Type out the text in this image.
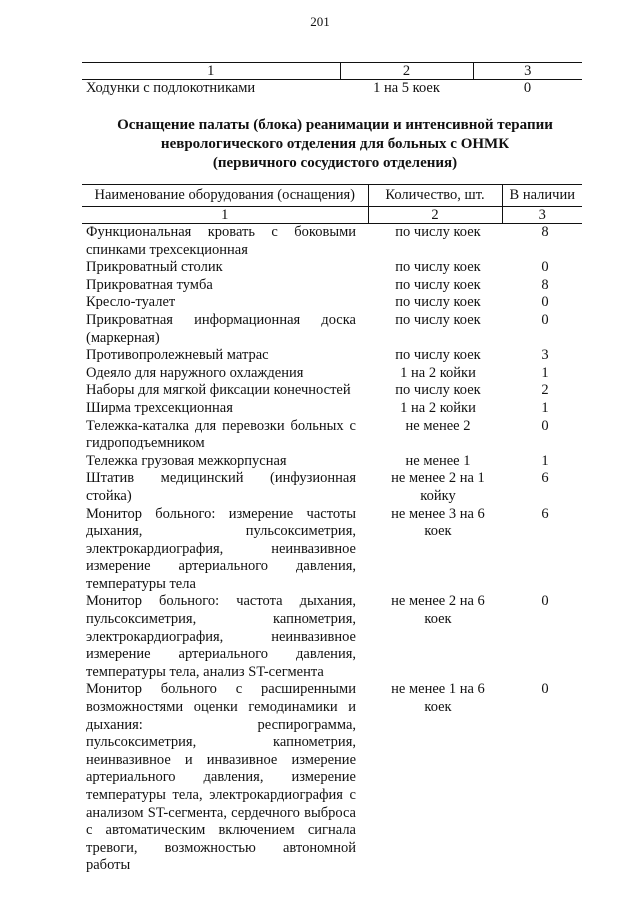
201
1	2	3
Ходунки с подлокотниками	1 на 5 коек	0
Оснащение палаты (блока) реанимации и интенсивной терапии
неврологического отделения для больных с ОНМК
(первичного сосудистого отделения)
Наименование оборудования (оснащения)	Количество, шт.	В наличии
1	2	3
Функциональная кровать с боковыми спинками трехсекционная	по числу коек	8
Прикроватный столик	по числу коек	0
Прикроватная тумба	по числу коек	8
Кресло-туалет	по числу коек	0
Прикроватная информационная доска (маркерная)	по числу коек	0
Противопролежневый матрас	по числу коек	3
Одеяло для наружного охлаждения	1 на 2 койки	1
Наборы для мягкой фиксации конечностей	по числу коек	2
Ширма трехсекционная	1 на 2 койки	1
Тележка-каталка для перевозки больных с гидроподъемником	не менее 2	0
Тележка грузовая межкорпусная	не менее 1	1
Штатив медицинский (инфузионная стойка)	не менее 2 на 1 койку	6
Монитор больного: измерение частоты дыхания, пульсоксиметрия, электрокардиография, неинвазивное измерение артериального давления, температуры тела	не менее 3 на 6 коек	6
Монитор больного: частота дыхания, пульсоксиметрия, капнометрия, электрокардиография, неинвазивное измерение артериального давления, температуры тела, анализ ST-сегмента	не менее 2 на 6 коек	0
Монитор больного с расширенными возможностями оценки гемодинамики и дыхания: респирограмма, пульсоксиметрия, капнометрия, неинвазивное и инвазивное измерение артериального давления, измерение температуры тела, электрокардиография с анализом ST-сегмента, сердечного выброса с автоматическим включением сигнала тревоги, возможностью автономной работы	не менее 1 на 6 коек	0
